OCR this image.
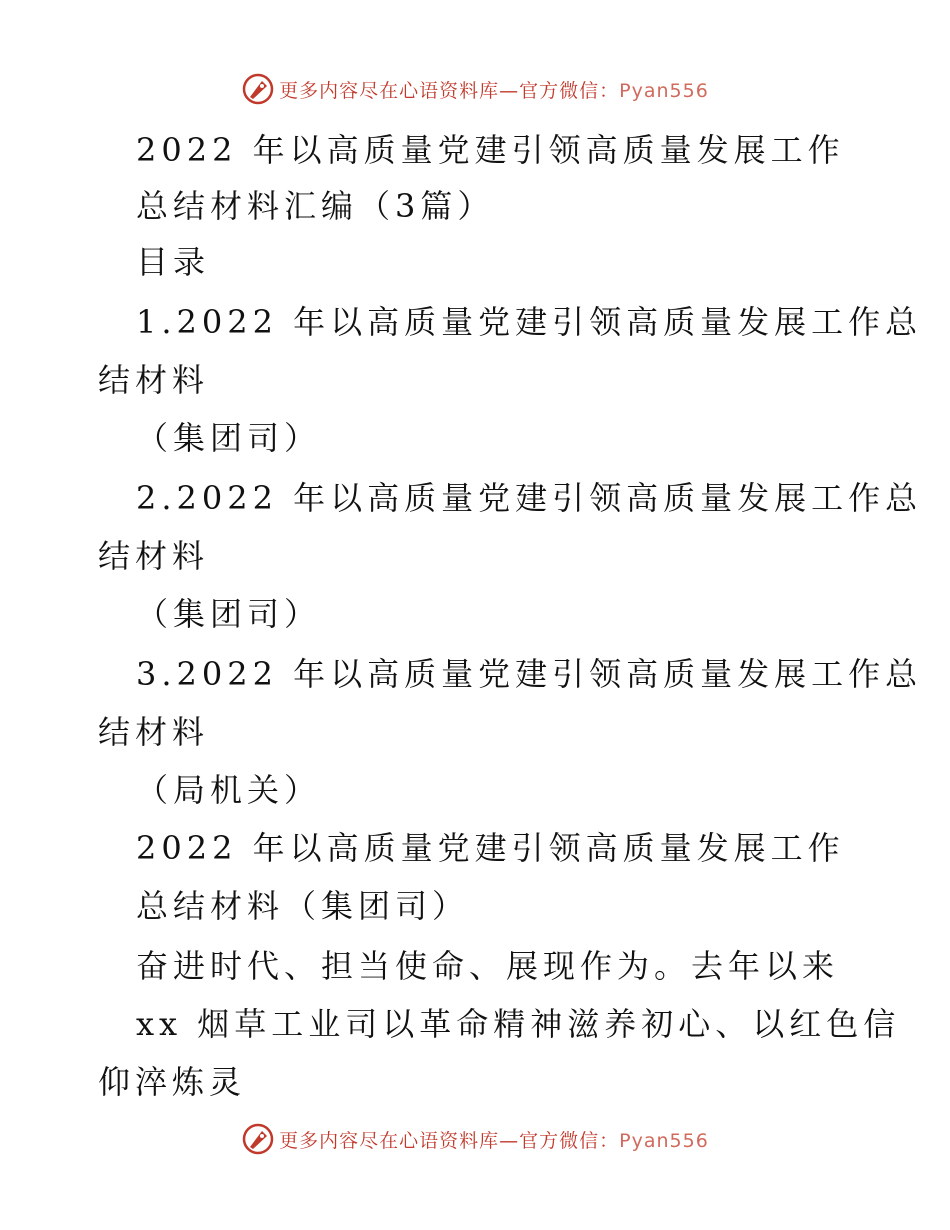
更多内容尽在心语资料库—官方微信：Pyan556
2022 年以高质量党建引领高质量发展工作
总结材料汇编（3篇）
目录
1.2022 年以高质量党建引领高质量发展工作总
结材料
（集团司）
2.2022 年以高质量党建引领高质量发展工作总
结材料
（集团司）
3.2022 年以高质量党建引领高质量发展工作总
结材料
（局机关）
2022 年以高质量党建引领高质量发展工作
总结材料（集团司）
奋进时代、担当使命、展现作为。去年以来
xx 烟草工业司以革命精神滋养初心、以红色信
仰淬炼灵
更多内容尽在心语资料库—官方微信：Pyan556
